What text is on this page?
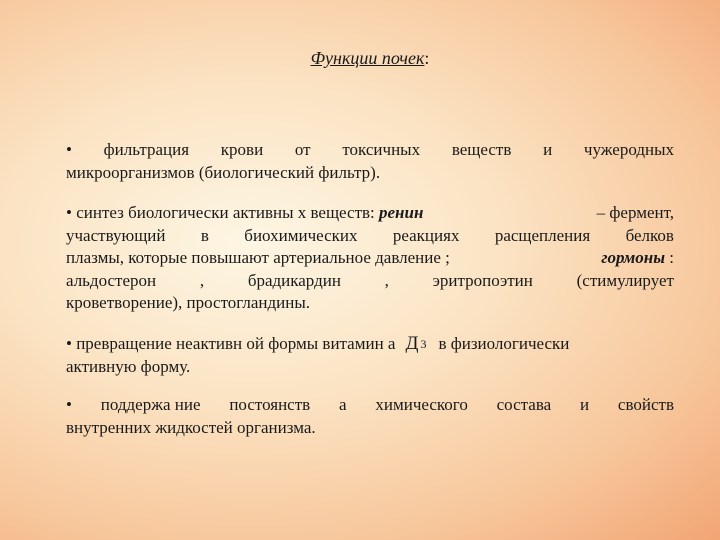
Функции почек:
• фильтрация крови от токсичных веществ и чужеродных
микроорганизмов (биологический фильтр).
• синтез биологически активны х веществ: ренин	– фермент,
участвующий в биохимических реакциях расщепления белков
плазмы, которые повышают артериальное давление ;	гормоны :
альдостерон	,	брадикардин	,	эритропоэтин	(стимулирует
кроветворение), простогландины.
• превращение неактивн ой формы витамин а Д 3 в физиологически
активную форму.
• поддержа ние постоянств а химического состава и свойств
внутренних жидкостей организма.
